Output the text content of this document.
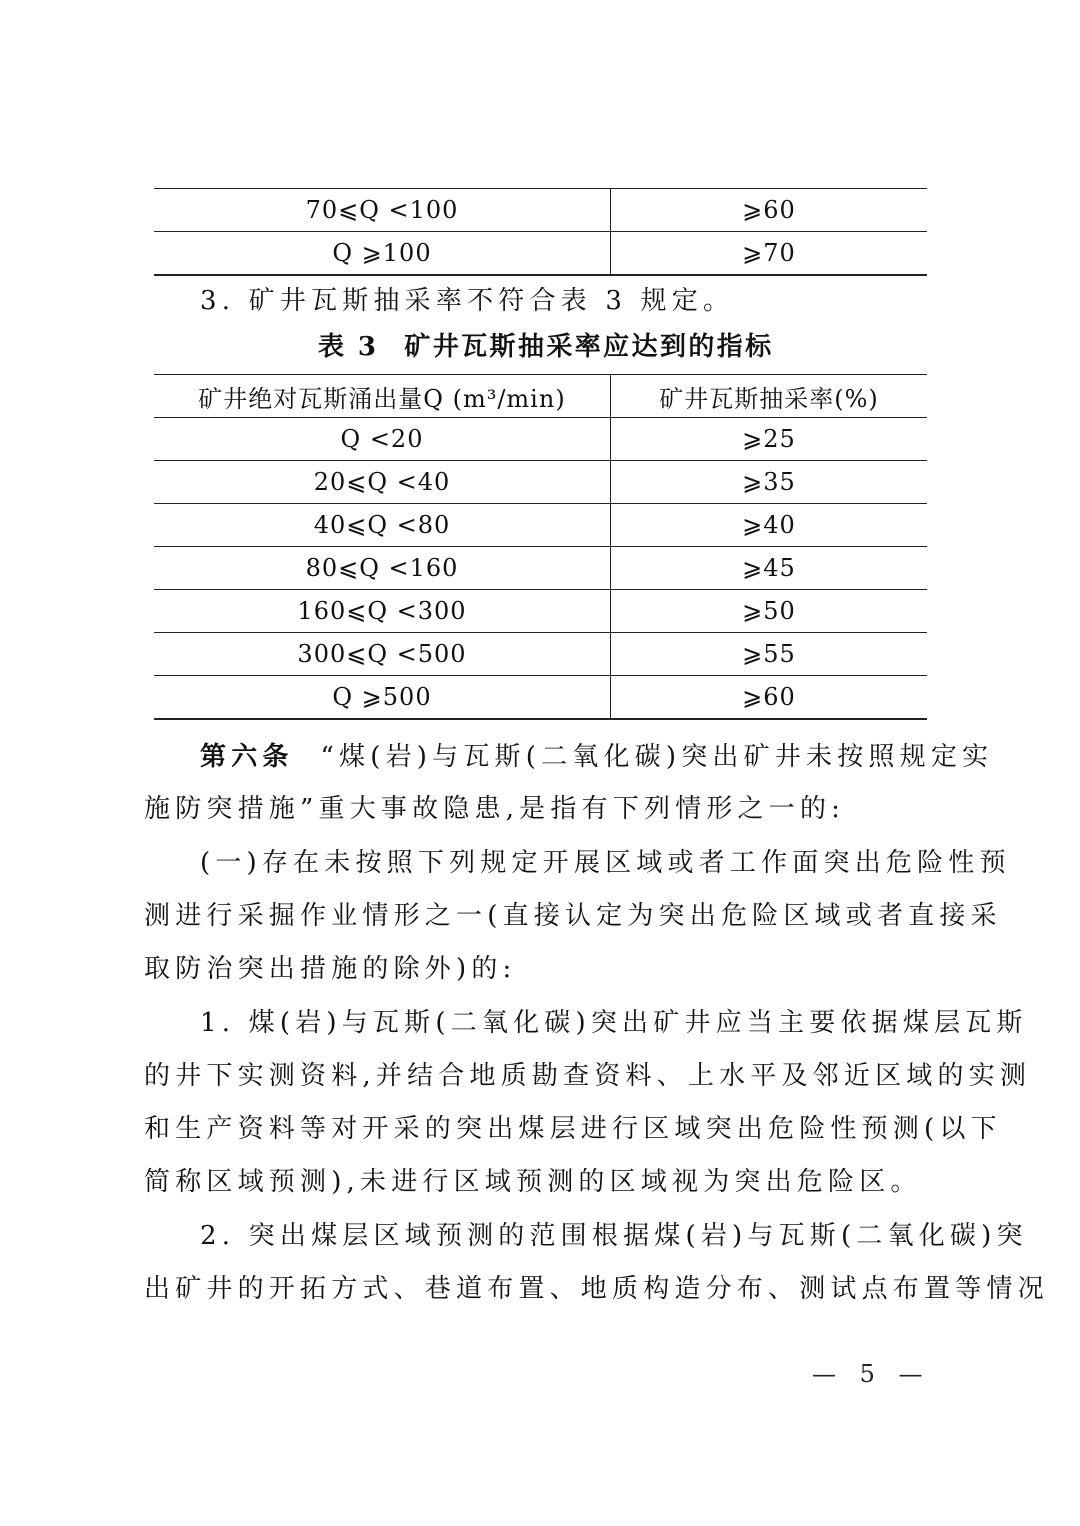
70⩽Q <100	⩾60
Q ⩾100	⩾70
3. 矿井瓦斯抽采率不符合表 3 规定。
表 3 矿井瓦斯抽采率应达到的指标
矿井绝对瓦斯涌出量Q (m³/min)	矿井瓦斯抽采率(%)
Q <20	⩾25
20⩽Q <40	⩾35
40⩽Q <80	⩾40
80⩽Q <160	⩾45
160⩽Q <300	⩾50
300⩽Q <500	⩾55
Q ⩾500	⩾60
第六条 “煤(岩)与瓦斯(二氧化碳)突出矿井未按照规定实
施防突措施”重大事故隐患,是指有下列情形之一的:
(一)存在未按照下列规定开展区域或者工作面突出危险性预
测进行采掘作业情形之一(直接认定为突出危险区域或者直接采
取防治突出措施的除外)的:
1. 煤(岩)与瓦斯(二氧化碳)突出矿井应当主要依据煤层瓦斯
的井下实测资料,并结合地质勘查资料、上水平及邻近区域的实测
和生产资料等对开采的突出煤层进行区域突出危险性预测(以下
简称区域预测),未进行区域预测的区域视为突出危险区。
2. 突出煤层区域预测的范围根据煤(岩)与瓦斯(二氧化碳)突
出矿井的开拓方式、巷道布置、地质构造分布、测试点布置等情况
— 5 —
